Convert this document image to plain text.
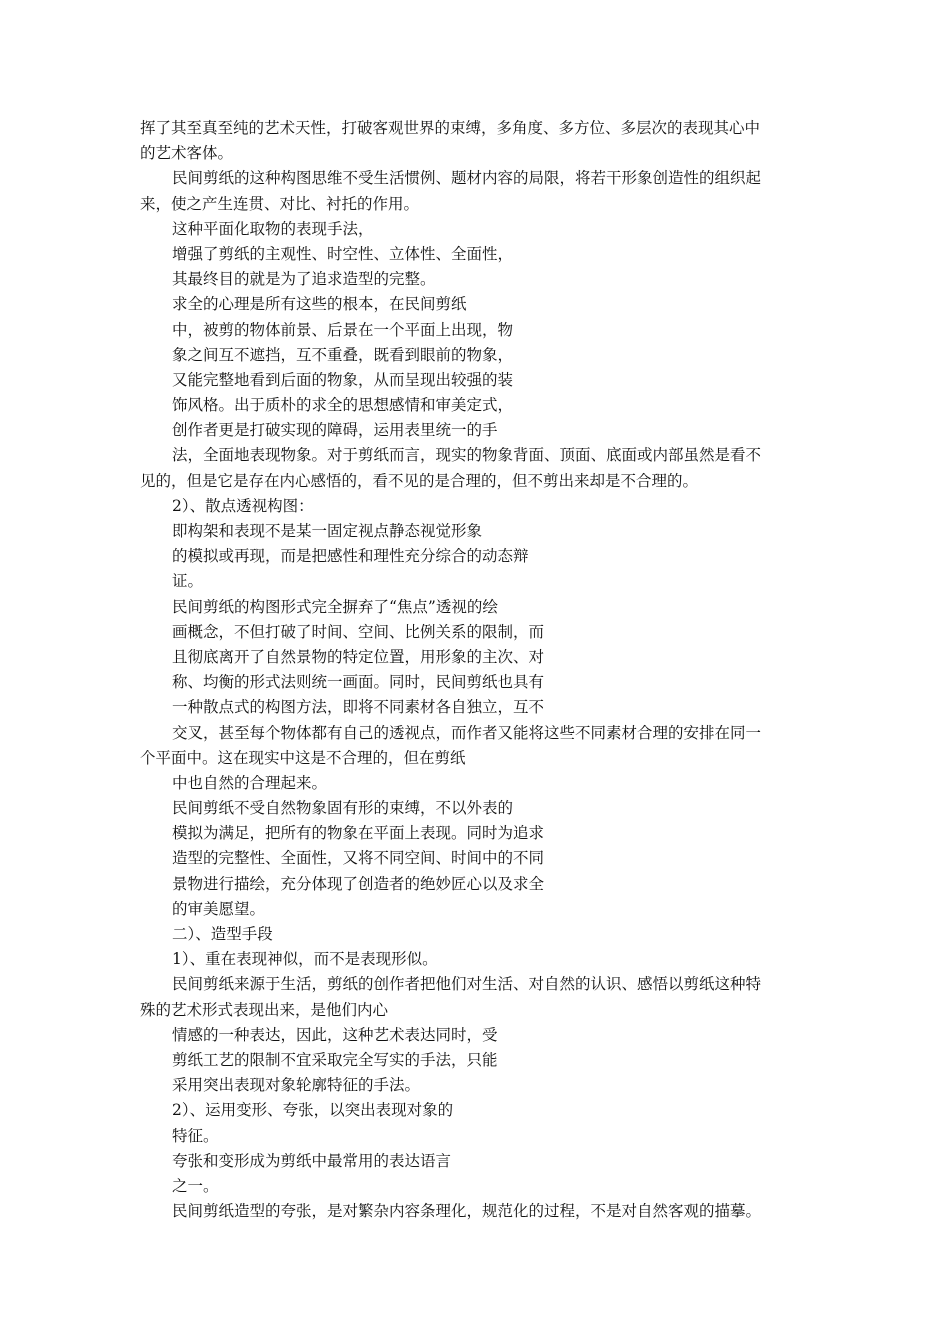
挥了其至真至纯的艺术天性，打破客观世界的束缚，多角度、多方位、多层次的表现其心中
的艺术客体。
民间剪纸的这种构图思维不受生活惯例、题材内容的局限，将若干形象创造性的组织起
来，使之产生连贯、对比、衬托的作用。
这种平面化取物的表现手法，
增强了剪纸的主观性、时空性、立体性、全面性，
其最终目的就是为了追求造型的完整。
求全的心理是所有这些的根本，在民间剪纸
中，被剪的物体前景、后景在一个平面上出现，物
象之间互不遮挡，互不重叠，既看到眼前的物象，
又能完整地看到后面的物象，从而呈现出较强的装
饰风格。出于质朴的求全的思想感情和审美定式，
创作者更是打破实现的障碍，运用表里统一的手
法，全面地表现物象。对于剪纸而言，现实的物象背面、顶面、底面或内部虽然是看不
见的，但是它是存在内心感悟的，看不见的是合理的，但不剪出来却是不合理的。
2）、散点透视构图：
即构架和表现不是某一固定视点静态视觉形象
的模拟或再现，而是把感性和理性充分综合的动态辩
证。
民间剪纸的构图形式完全摒弃了“焦点”透视的绘
画概念，不但打破了时间、空间、比例关系的限制，而
且彻底离开了自然景物的特定位置，用形象的主次、对
称、均衡的形式法则统一画面。同时，民间剪纸也具有
一种散点式的构图方法，即将不同素材各自独立，互不
交叉，甚至每个物体都有自己的透视点，而作者又能将这些不同素材合理的安排在同一
个平面中。这在现实中这是不合理的，但在剪纸
中也自然的合理起来。
民间剪纸不受自然物象固有形的束缚，不以外表的
模拟为满足，把所有的物象在平面上表现。同时为追求
造型的完整性、全面性，又将不同空间、时间中的不同
景物进行描绘，充分体现了创造者的绝妙匠心以及求全
的审美愿望。
二）、造型手段
1）、重在表现神似，而不是表现形似。
民间剪纸来源于生活，剪纸的创作者把他们对生活、对自然的认识、感悟以剪纸这种特
殊的艺术形式表现出来，是他们内心
情感的一种表达，因此，这种艺术表达同时，受
剪纸工艺的限制不宜采取完全写实的手法，只能
采用突出表现对象轮廓特征的手法。
2）、运用变形、夸张，以突出表现对象的
特征。
夸张和变形成为剪纸中最常用的表达语言
之一。
民间剪纸造型的夸张，是对繁杂内容条理化，规范化的过程，不是对自然客观的描摹。
